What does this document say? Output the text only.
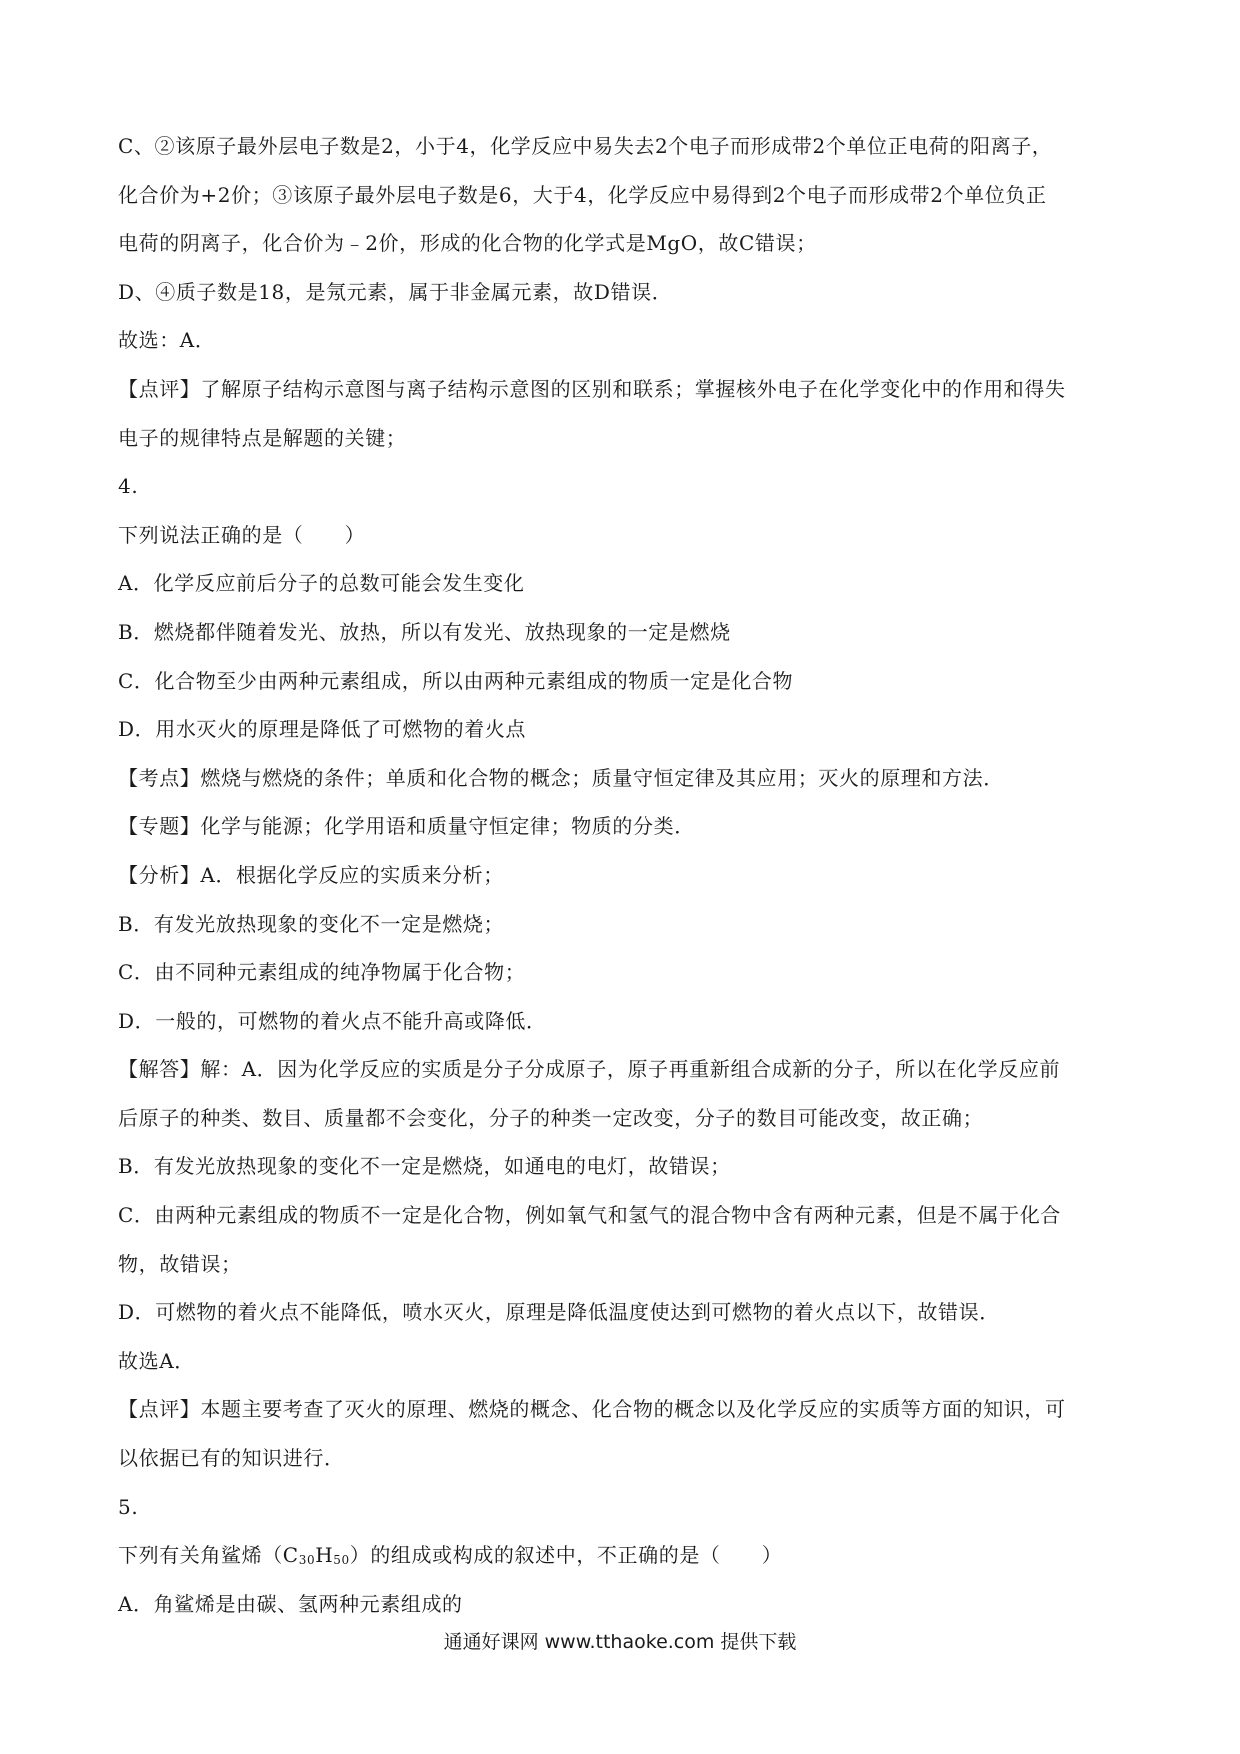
C、②该原子最外层电子数是2，小于4，化学反应中易失去2个电子而形成带2个单位正电荷的阳离子，
化合价为+2价；③该原子最外层电子数是6，大于4，化学反应中易得到2个电子而形成带2个单位负正
电荷的阴离子，化合价为﹣2价，形成的化合物的化学式是MgO，故C错误；
D、④质子数是18，是氖元素，属于非金属元素，故D错误．
故选：A．
【点评】了解原子结构示意图与离子结构示意图的区别和联系；掌握核外电子在化学变化中的作用和得失
电子的规律特点是解题的关键；
4.
下列说法正确的是（　　）
A．化学反应前后分子的总数可能会发生变化
B．燃烧都伴随着发光、放热，所以有发光、放热现象的一定是燃烧
C．化合物至少由两种元素组成，所以由两种元素组成的物质一定是化合物
D．用水灭火的原理是降低了可燃物的着火点
【考点】燃烧与燃烧的条件；单质和化合物的概念；质量守恒定律及其应用；灭火的原理和方法．
【专题】化学与能源；化学用语和质量守恒定律；物质的分类．
【分析】A．根据化学反应的实质来分析；
B．有发光放热现象的变化不一定是燃烧；
C．由不同种元素组成的纯净物属于化合物；
D．一般的，可燃物的着火点不能升高或降低．
【解答】解：A．因为化学反应的实质是分子分成原子，原子再重新组合成新的分子，所以在化学反应前
后原子的种类、数目、质量都不会变化，分子的种类一定改变，分子的数目可能改变，故正确；
B．有发光放热现象的变化不一定是燃烧，如通电的电灯，故错误；
C．由两种元素组成的物质不一定是化合物，例如氧气和氢气的混合物中含有两种元素，但是不属于化合
物，故错误；
D．可燃物的着火点不能降低，喷水灭火，原理是降低温度使达到可燃物的着火点以下，故错误．
故选A．
【点评】本题主要考查了灭火的原理、燃烧的概念、化合物的概念以及化学反应的实质等方面的知识，可
以依据已有的知识进行．
5.
下列有关角鲨烯$(C_{30}H_{50})$的组成或构成的叙述中，不正确的是（　　）
A．角鲨烯是由碳、氢两种元素组成的
通通好课网 www.tthaoke.com 提供下载
